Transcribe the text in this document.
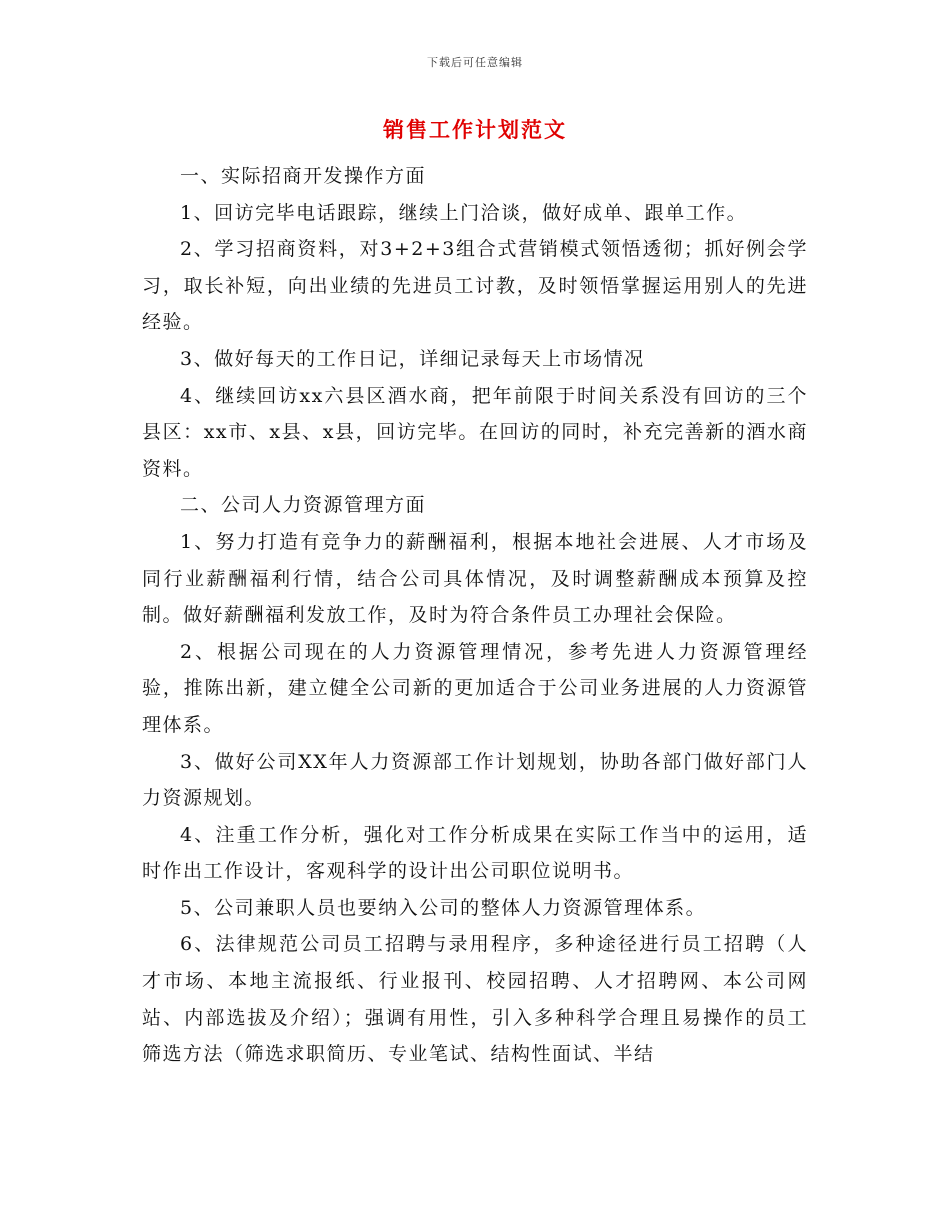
下载后可任意编辑
销售工作计划范文

一、实际招商开发操作方面

1、回访完毕电话跟踪，继续上门洽谈，做好成单、跟单工作。

2、学习招商资料，对3+2+3组合式营销模式领悟透彻；抓好例会学习，取长补短，向出业绩的先进员工讨教，及时领悟掌握运用别人的先进经验。

3、做好每天的工作日记，详细记录每天上市场情况

4、继续回访xx六县区酒水商，把年前限于时间关系没有回访的三个县区：xx市、x县、x县，回访完毕。在回访的同时，补充完善新的酒水商资料。

二、公司人力资源管理方面

1、努力打造有竞争力的薪酬福利，根据本地社会进展、人才市场及同行业薪酬福利行情，结合公司具体情况，及时调整薪酬成本预算及控制。做好薪酬福利发放工作，及时为符合条件员工办理社会保险。

2、根据公司现在的人力资源管理情况，参考先进人力资源管理经验，推陈出新，建立健全公司新的更加适合于公司业务进展的人力资源管理体系。

3、做好公司XX年人力资源部工作计划规划，协助各部门做好部门人力资源规划。

4、注重工作分析，强化对工作分析成果在实际工作当中的运用，适时作出工作设计，客观科学的设计出公司职位说明书。

5、公司兼职人员也要纳入公司的整体人力资源管理体系。

6、法律规范公司员工招聘与录用程序，多种途径进行员工招聘（人才市场、本地主流报纸、行业报刊、校园招聘、人才招聘网、本公司网站、内部选拔及介绍）；强调有用性，引入多种科学合理且易操作的员工筛选方法（筛选求职简历、专业笔试、结构性面试、半结
